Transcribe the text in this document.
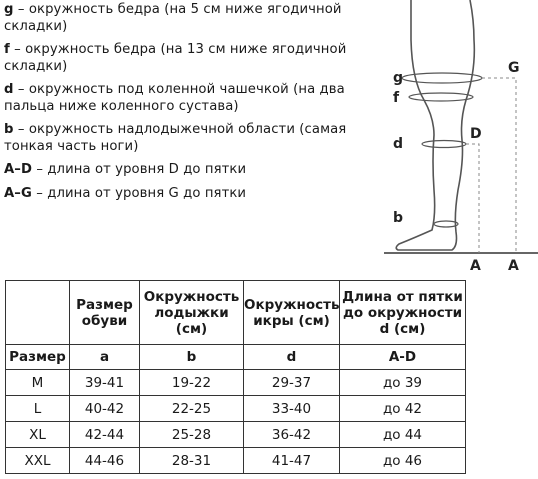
g – окружность бедра (на 5 см ниже ягодичной складки)

f – окружность бедра (на 13 см ниже ягодичной складки)

d – окружность под коленной чашечкой (на два пальца ниже коленного сустава)

b – окружность надлодыжечной области (самая тонкая часть ноги)

A–D – длина от уровня D до пятки

A–G – длина от уровня G до пятки

g
f
d
b
G
D
A A
	Размер обуви	Окружность лодыжки (см)	Окружность икры (см)	Длина от пятки до окружности d (см)
Размер	a	b	d	A-D
M	39-41	19-22	29-37	до 39
L	40-42	22-25	33-40	до 42
XL	42-44	25-28	36-42	до 44
XXL	44-46	28-31	41-47	до 46
